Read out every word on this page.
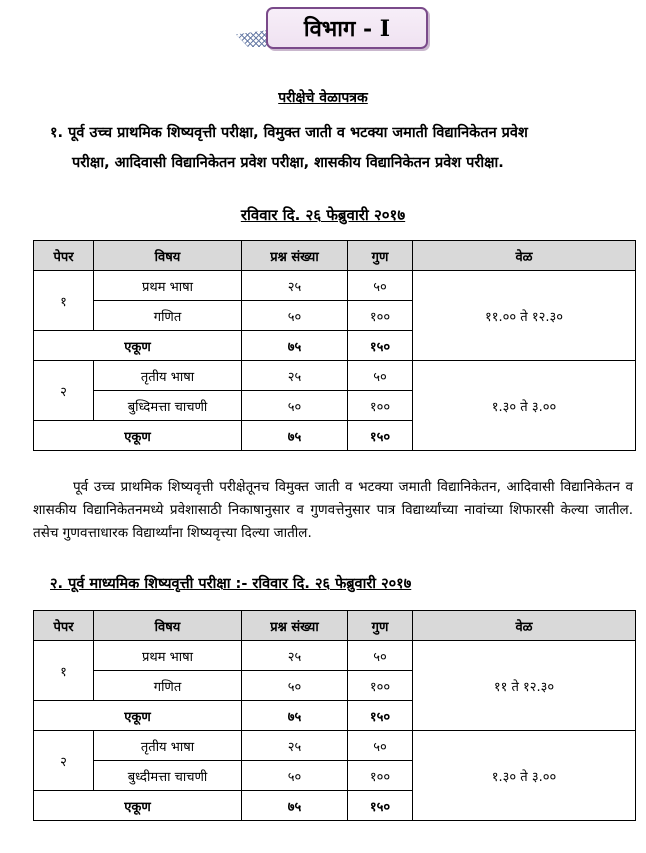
विभाग - I
परीक्षेचे वेळापत्रक
१. पूर्व उच्च प्राथमिक शिष्यवृत्ती परीक्षा, विमुक्त जाती व भटक्या जमाती विद्यानिकेतन प्रवेश
परीक्षा, आदिवासी विद्यानिकेतन प्रवेश परीक्षा, शासकीय विद्यानिकेतन प्रवेश परीक्षा.
रविवार दि. २६ फेब्रुवारी २०१७
पेपर	विषय	प्रश्न संख्या	गुण	वेळ
१	प्रथम भाषा	२५	५०	११.०० ते १२.३०
	गणित	५०	१००	
एकूण		७५	१५०	
२	तृतीय भाषा	२५	५०	१.३० ते ३.००
	बुध्दिमत्ता चाचणी	५०	१००	
एकूण		७५	१५०	
पूर्व उच्च प्राथमिक शिष्यवृत्ती परीक्षेतूनच विमुक्त जाती व भटक्या जमाती विद्यानिकेतन, आदिवासी विद्यानिकेतन व शासकीय विद्यानिकेतनमध्ये प्रवेशासाठी निकाषानुसार व गुणवत्तेनुसार पात्र विद्यार्थ्यांच्या नावांच्या शिफारसी केल्या जातील. तसेच गुणवत्ताधारक विद्यार्थ्यांना शिष्यवृत्त्या दिल्या जातील.
२. पूर्व माध्यमिक शिष्यवृत्ती परीक्षा :- रविवार दि. २६ फेब्रुवारी २०१७
पेपर	विषय	प्रश्न संख्या	गुण	वेळ
१	प्रथम भाषा	२५	५०	११ ते १२.३०
	गणित	५०	१००	
एकूण		७५	१५०	
२	तृतीय भाषा	२५	५०	१.३० ते ३.००
	बुध्दीमत्ता चाचणी	५०	१००	
एकूण		७५	१५०	
